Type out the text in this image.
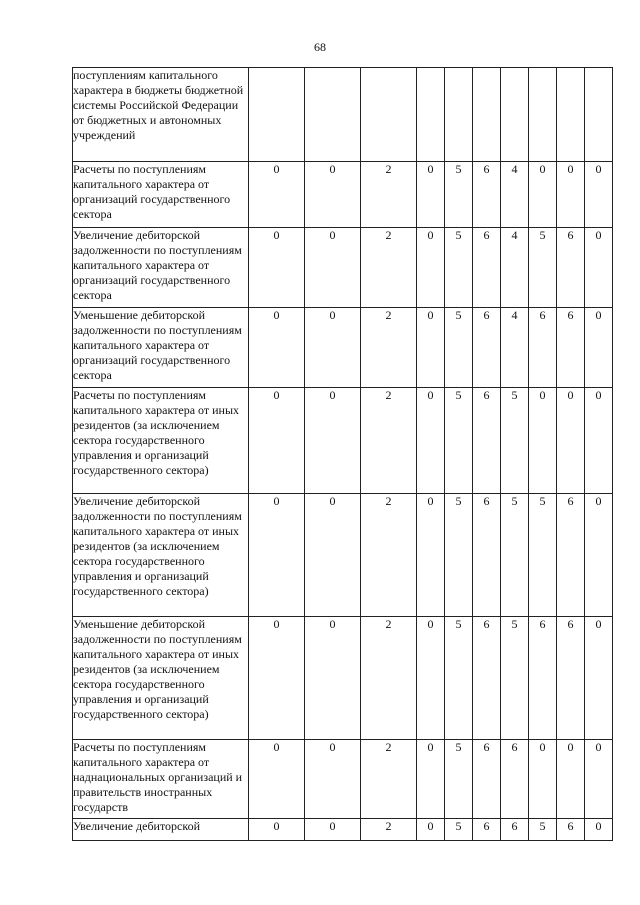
68
поступлениям капитального характера в бюджеты бюджетной системы Российской Федерации от бюджетных и автономных учреждений										
Расчеты по поступлениям капитального характера от организаций государственного сектора	0	0	2	0	5	6	4	0	0	0
Увеличение дебиторской задолженности по поступлениям капитального характера от организаций государственного сектора	0	0	2	0	5	6	4	5	6	0
Уменьшение дебиторской задолженности по поступлениям капитального характера от организаций государственного сектора	0	0	2	0	5	6	4	6	6	0
Расчеты по поступлениям капитального характера от иных резидентов (за исключением сектора государственного управления и организаций государственного сектора)	0	0	2	0	5	6	5	0	0	0
Увеличение дебиторской задолженности по поступлениям капитального характера от иных резидентов (за исключением сектора государственного управления и организаций государственного сектора)	0	0	2	0	5	6	5	5	6	0
Уменьшение дебиторской задолженности по поступлениям капитального характера от иных резидентов (за исключением сектора государственного управления и организаций государственного сектора)	0	0	2	0	5	6	5	6	6	0
Расчеты по поступлениям капитального характера от наднациональных организаций и правительств иностранных государств	0	0	2	0	5	6	6	0	0	0
Увеличение дебиторской	0	0	2	0	5	6	6	5	6	0
